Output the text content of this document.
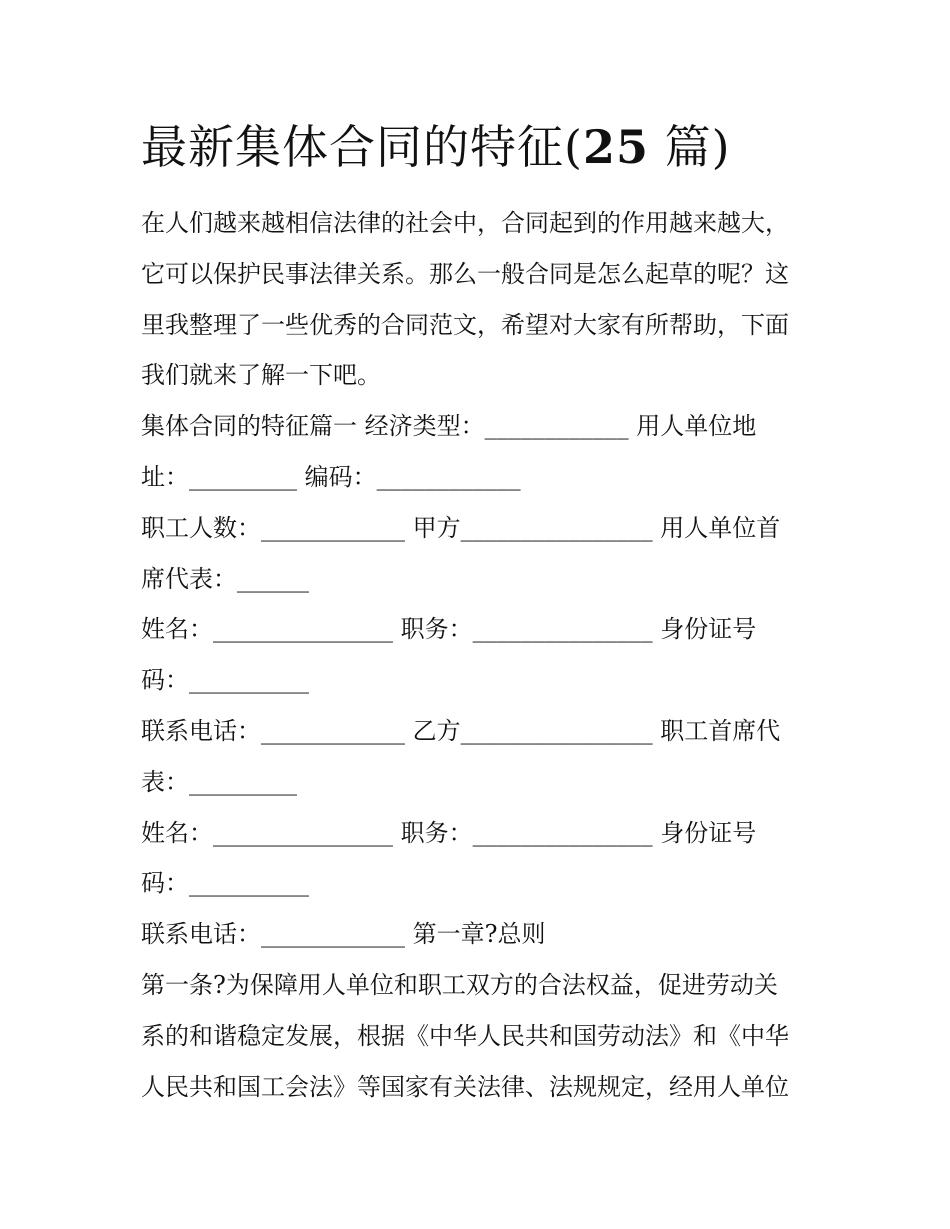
最新集体合同的特征(25 篇)
在人们越来越相信法律的社会中，合同起到的作用越来越大，
它可以保护民事法律关系。那么一般合同是怎么起草的呢？这
里我整理了一些优秀的合同范文，希望对大家有所帮助，下面
我们就来了解一下吧。
集体合同的特征篇一 经济类型：____________ 用人单位地
址：_________ 编码：____________
职工人数：____________ 甲方________________ 用人单位首
席代表：______
姓名：_______________ 职务：_______________ 身份证号
码：__________
联系电话：____________ 乙方________________ 职工首席代
表：_________
姓名：_______________ 职务：_______________ 身份证号
码：__________
联系电话：____________ 第一章?总则
第一条?为保障用人单位和职工双方的合法权益，促进劳动关
系的和谐稳定发展，根据《中华人民共和国劳动法》和《中华
人民共和国工会法》等国家有关法律、法规规定，经用人单位
